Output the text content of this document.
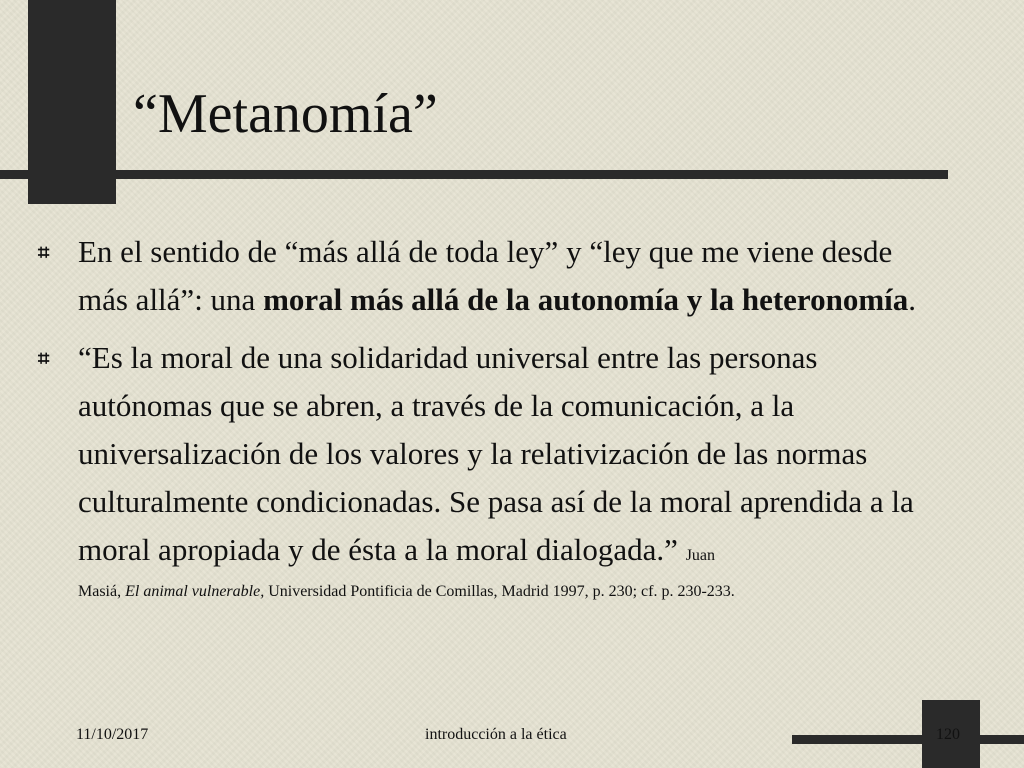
“Metanomía”
⌗ En el sentido de “más allá de toda ley” y “ley que me viene desde más allá”: una moral más allá de la autonomía y la heteronomía.
⌗ “Es la moral de una solidaridad universal entre las personas autónomas que se abren, a través de la comunicación, a la universalización de los valores y la relativización de las normas culturalmente condicionadas. Se pasa así de la moral aprendida a la moral apropiada y de ésta a la moral dialogada.” Juan
Masiá, El animal vulnerable, Universidad Pontificia de Comillas, Madrid 1997, p. 230; cf. p. 230-233.
11/10/2017	introducción a la ética	120
